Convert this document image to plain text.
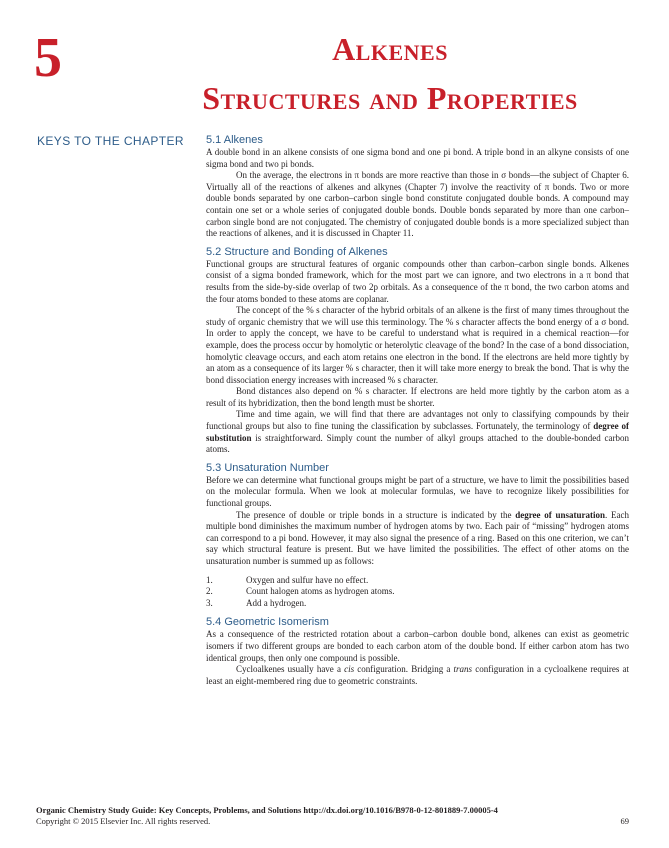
5	Alkenes
Structures and Properties
KEYS TO THE CHAPTER 5.1 Alkenes

A double bond in an alkene consists of one sigma bond and one pi bond. A triple bond in an alkyne consists of one sigma bond and two pi bonds.

On the average, the electrons in π bonds are more reactive than those in σ bonds—the subject of Chapter 6. Virtually all of the reactions of alkenes and alkynes (Chapter 7) involve the reactivity of π bonds. Two or more double bonds separated by one carbon–carbon single bond constitute conjugated double bonds. A compound may contain one set or a whole series of conjugated double bonds. Double bonds separated by more than one carbon–carbon single bond are not conjugated. The chemistry of conjugated double bonds is a more specialized subject than the reactions of alkenes, and it is discussed in Chapter 11.

5.2 Structure and Bonding of Alkenes

Functional groups are structural features of organic compounds other than carbon–carbon single bonds. Alkenes consist of a sigma bonded framework, which for the most part we can ignore, and two electrons in a π bond that results from the side-by-side overlap of two 2p orbitals. As a consequence of the π bond, the two carbon atoms and the four atoms bonded to these atoms are coplanar.

The concept of the % s character of the hybrid orbitals of an alkene is the first of many times throughout the study of organic chemistry that we will use this terminology. The % s character affects the bond energy of a σ bond. In order to apply the concept, we have to be careful to understand what is required in a chemical reaction—for example, does the process occur by homolytic or heterolytic cleavage of the bond? In the case of a bond dissociation, homolytic cleavage occurs, and each atom retains one electron in the bond. If the electrons are held more tightly by an atom as a consequence of its larger % s character, then it will take more energy to break the bond. That is why the bond dissociation energy increases with increased % s character.

Bond distances also depend on % s character. If electrons are held more tightly by the carbon atom as a result of its hybridization, then the bond length must be shorter.

Time and time again, we will find that there are advantages not only to classifying compounds by their functional groups but also to fine tuning the classification by subclasses. Fortunately, the terminology of degree of substitution is straightforward. Simply count the number of alkyl groups attached to the double-bonded carbon atoms.

5.3 Unsaturation Number

Before we can determine what functional groups might be part of a structure, we have to limit the possibilities based on the molecular formula. When we look at molecular formulas, we have to recognize likely possibilities for functional groups.

The presence of double or triple bonds in a structure is indicated by the degree of unsaturation. Each multiple bond diminishes the maximum number of hydrogen atoms by two. Each pair of “missing” hydrogen atoms can correspond to a pi bond. However, it may also signal the presence of a ring. Based on this one criterion, we can’t say which structural feature is present. But we have limited the possibilities. The effect of other atoms on the unsaturation number is summed up as follows:

1.	Oxygen and sulfur have no effect.
2.	Count halogen atoms as hydrogen atoms.
3.	Add a hydrogen.
5.4 Geometric Isomerism

As a consequence of the restricted rotation about a carbon–carbon double bond, alkenes can exist as geometric isomers if two different groups are bonded to each carbon atom of the double bond. If either carbon atom has two identical groups, then only one compound is possible.

Cycloalkenes usually have a cis configuration. Bridging a trans configuration in a cycloalkene requires at least an eight-membered ring due to geometric constraints.

Organic Chemistry Study Guide: Key Concepts, Problems, and Solutions http://dx.doi.org/10.1016/B978-0-12-801889-7.00005-4
Copyright © 2015 Elsevier Inc. All rights reserved.	69
